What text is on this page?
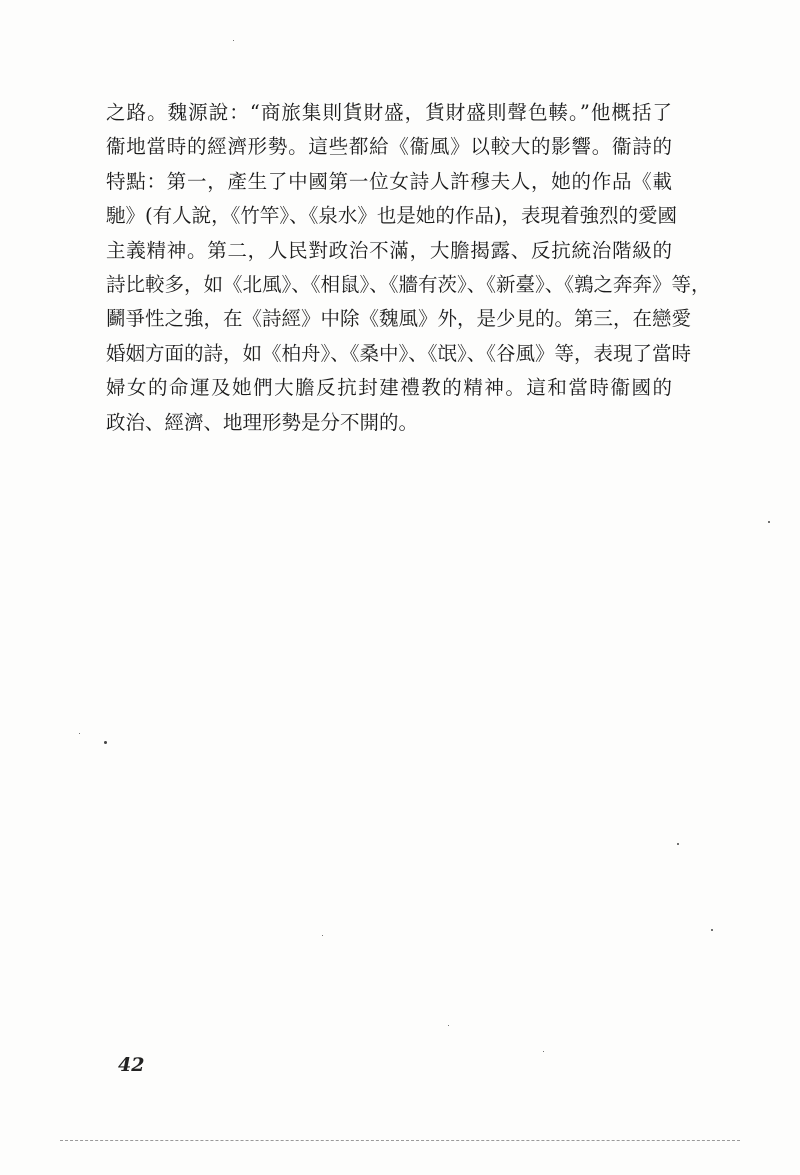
之路。魏源說：“商旅集則貨財盛，貨財盛則聲色輳。”他概括了
衞地當時的經濟形勢。這些都給《衞風》以較大的影響。衞詩的
特點：第一，產生了中國第一位女詩人許穆夫人，她的作品《載
馳》(有人說，《竹竿》、《泉水》也是她的作品)，表現着強烈的愛國
主義精神。第二，人民對政治不滿，大膽揭露、反抗統治階級的
詩比較多，如《北風》、《相鼠》、《牆有茨》、《新臺》、《鶉之奔奔》等，
鬬爭性之強，在《詩經》中除《魏風》外，是少見的。第三，在戀愛
婚姻方面的詩，如《柏舟》、《桑中》、《氓》、《谷風》等，表現了當時
婦女的命運及她們大膽反抗封建禮教的精神。這和當時衞國的
政治、經濟、地理形勢是分不開的。
42
